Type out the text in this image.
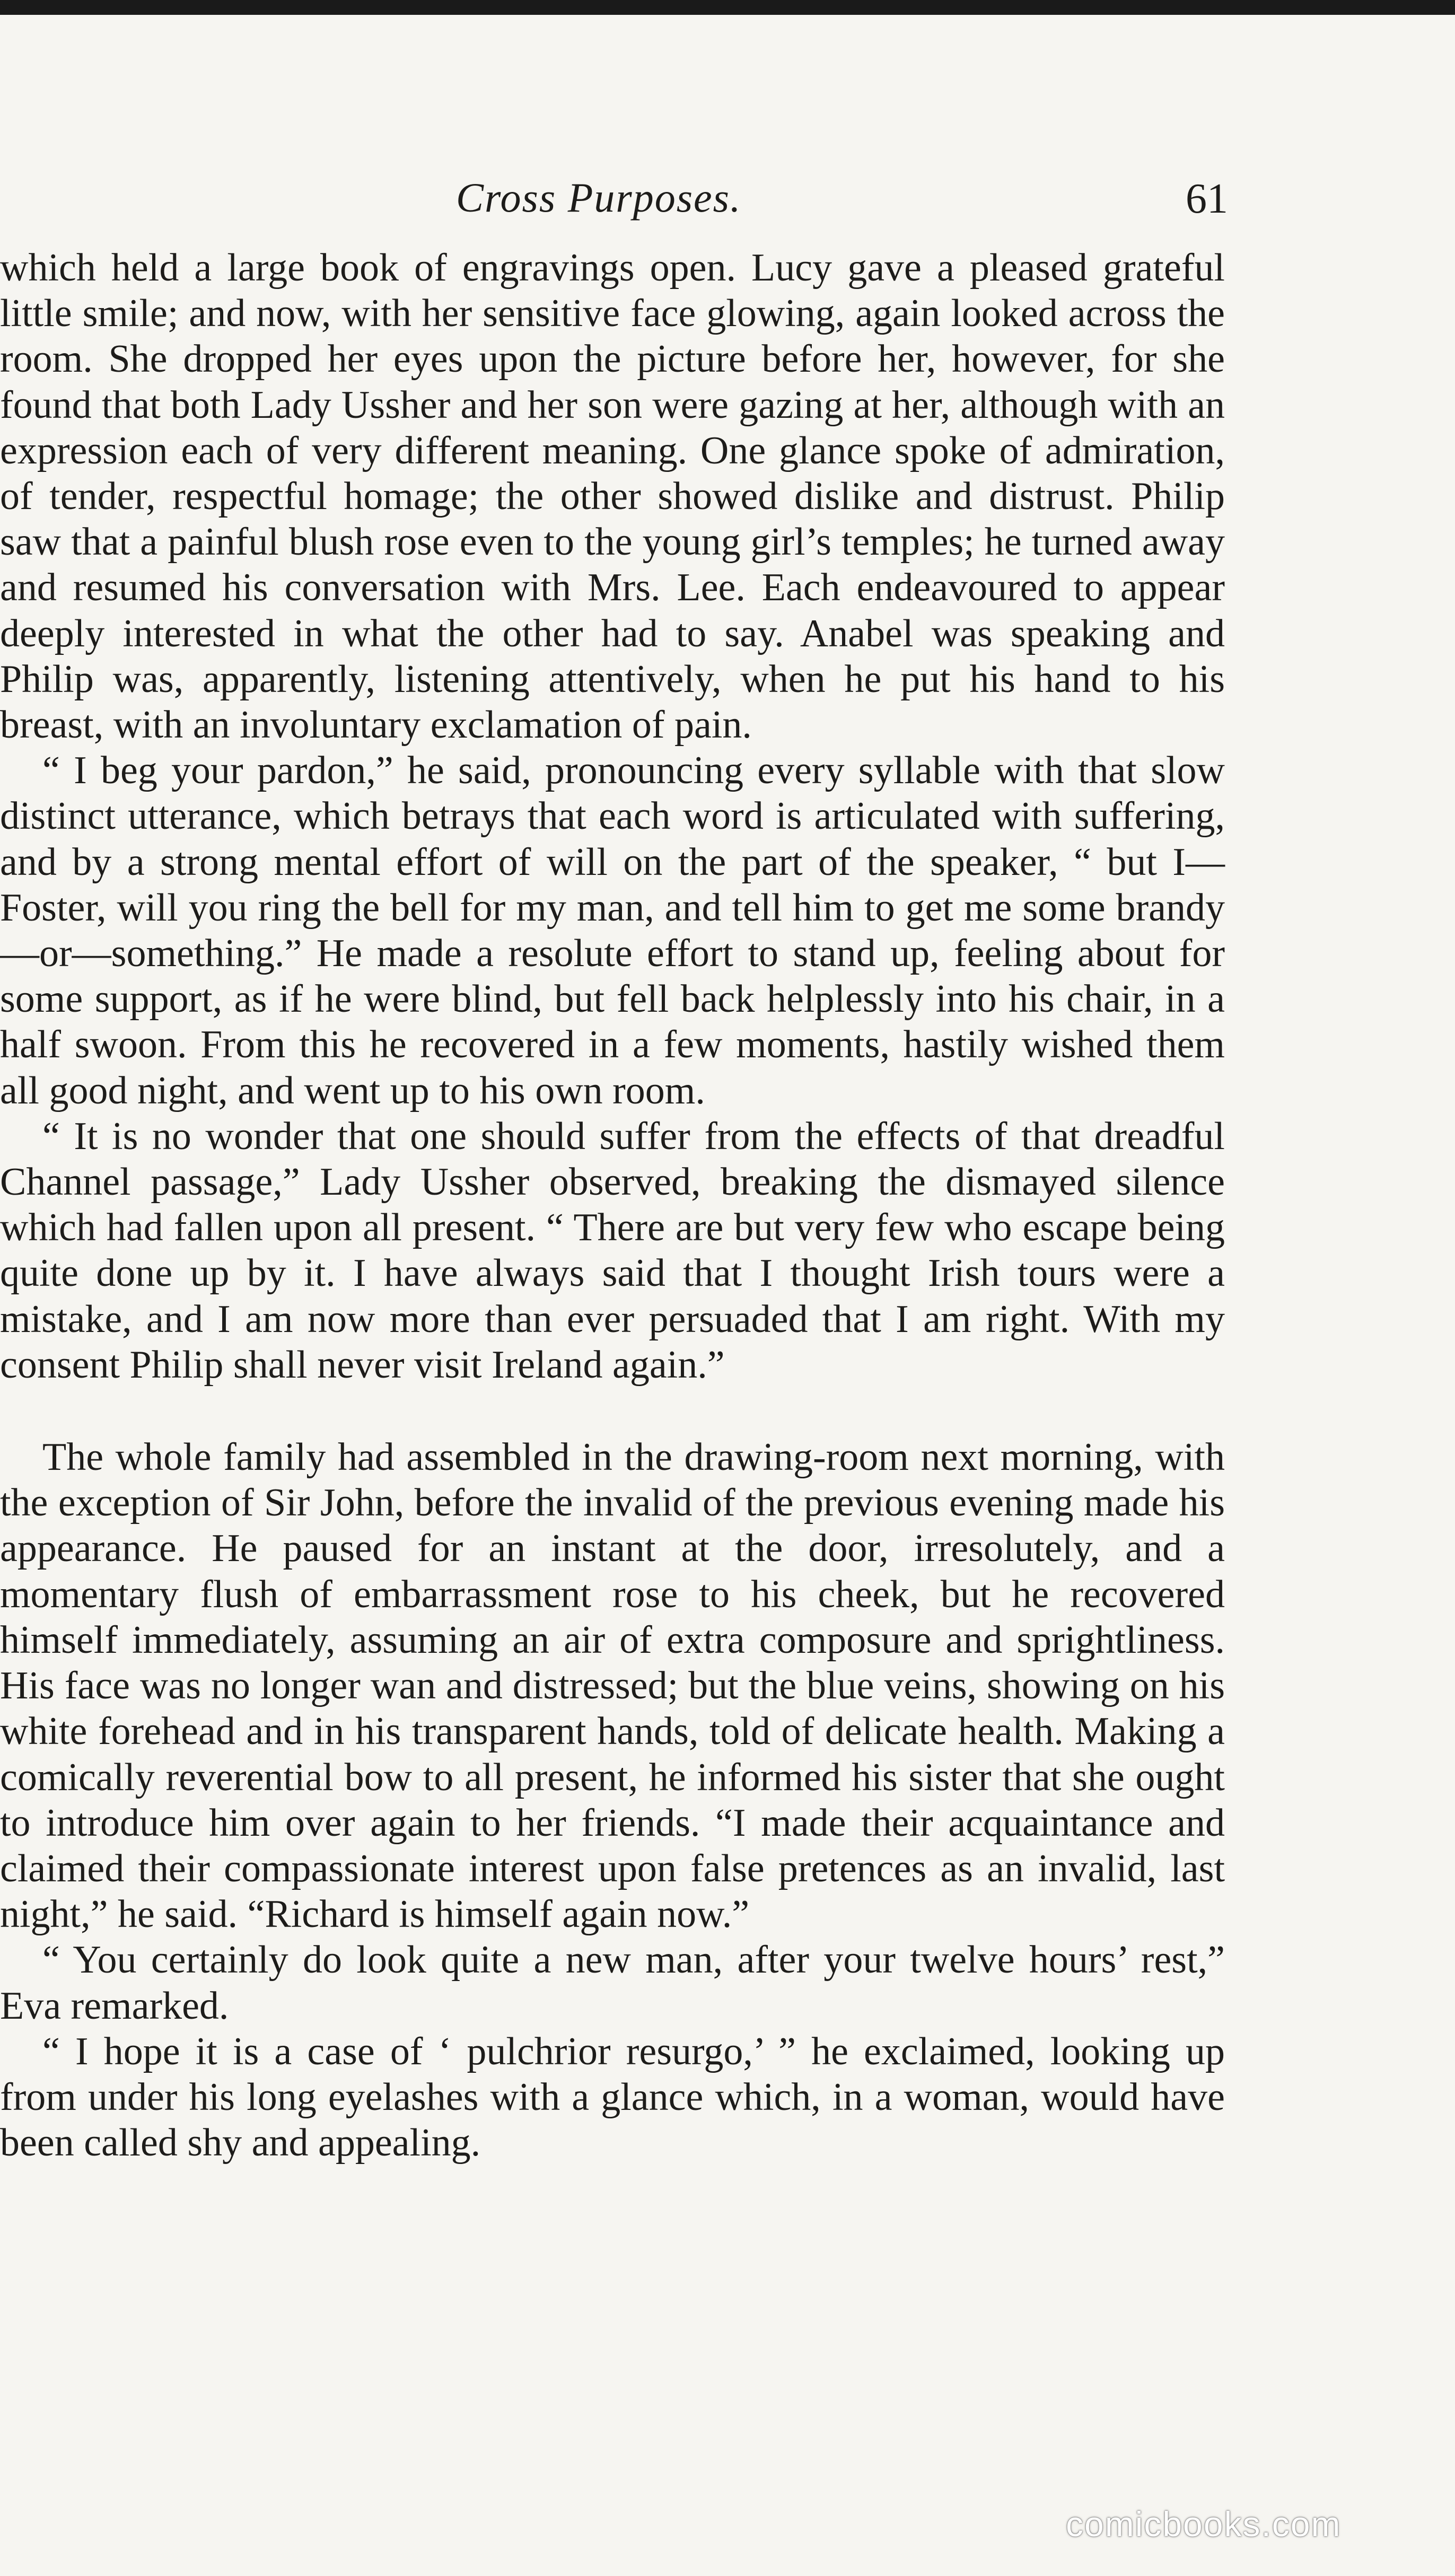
Cross Purposes.	61

which held a large book of engravings open. Lucy gave a pleased grateful little smile; and now, with her sensitive face glowing, again looked across the room. She dropped her eyes upon the picture before her, however, for she found that both Lady Ussher and her son were gazing at her, although with an expression each of very different meaning. One glance spoke of admiration, of tender, respectful homage; the other showed dislike and distrust. Philip saw that a painful blush rose even to the young girl’s temples; he turned away and resumed his conversation with Mrs. Lee. Each endeavoured to appear deeply interested in what the other had to say. Anabel was speaking and Philip was, apparently, listening attentively, when he put his hand to his breast, with an involuntary exclamation of pain.

“ I beg your pardon,” he said, pronouncing every syllable with that slow distinct utterance, which betrays that each word is articulated with suffering, and by a strong mental effort of will on the part of the speaker, “ but I—Foster, will you ring the bell for my man, and tell him to get me some brandy—or—something.” He made a resolute effort to stand up, feeling about for some support, as if he were blind, but fell back helplessly into his chair, in a half swoon. From this he recovered in a few moments, hastily wished them all good night, and went up to his own room.

“ It is no wonder that one should suffer from the effects of that dreadful Channel passage,” Lady Ussher observed, breaking the dismayed silence which had fallen upon all present. “ There are but very few who escape being quite done up by it. I have always said that I thought Irish tours were a mistake, and I am now more than ever persuaded that I am right. With my consent Philip shall never visit Ireland again.”

The whole family had assembled in the drawing-room next morning, with the exception of Sir John, before the invalid of the previous evening made his appearance. He paused for an instant at the door, irresolutely, and a momentary flush of embarrassment rose to his cheek, but he recovered himself immediately, assuming an air of extra composure and sprightliness. His face was no longer wan and distressed; but the blue veins, showing on his white forehead and in his transparent hands, told of delicate health. Making a comically reverential bow to all present, he informed his sister that she ought to introduce him over again to her friends. “I made their acquaintance and claimed their compassionate interest upon false pretences as an invalid, last night,” he said. “Richard is himself again now.”

“ You certainly do look quite a new man, after your twelve hours’ rest,” Eva remarked.

“ I hope it is a case of ‘ pulchrior resurgo,’ ” he exclaimed, looking up from under his long eyelashes with a glance which, in a woman, would have been called shy and appealing.

comicbooks.com
